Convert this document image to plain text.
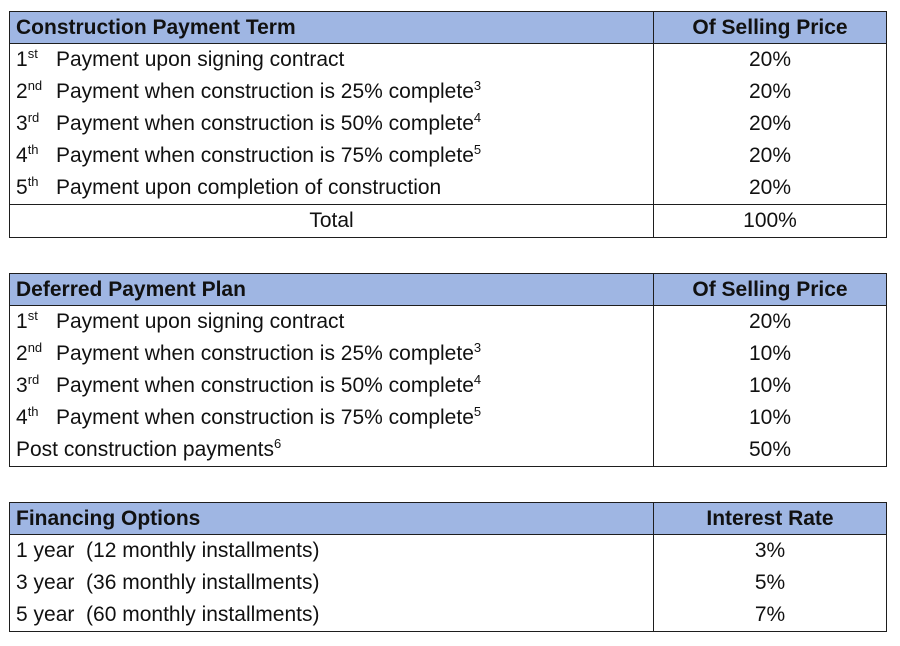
Construction Payment Term	Of Selling Price
1st Payment upon signing contract	20%
2nd Payment when construction is 25% complete$^3$	20%
3rd Payment when construction is 50% complete$^4$	20%
4th Payment when construction is 75% complete$^5$	20%
5th Payment upon completion of construction	20%
Total	100%
Deferred Payment Plan	Of Selling Price
1st Payment upon signing contract	20%
2nd Payment when construction is 25% complete$^3$	10%
3rd Payment when construction is 50% complete$^4$	10%
4th Payment when construction is 75% complete$^5$	10%
Post construction payments$^6$	50%
Financing Options	Interest Rate
1 year  (12 monthly installments)	3%
3 year  (36 monthly installments)	5%
5 year  (60 monthly installments)	7%
